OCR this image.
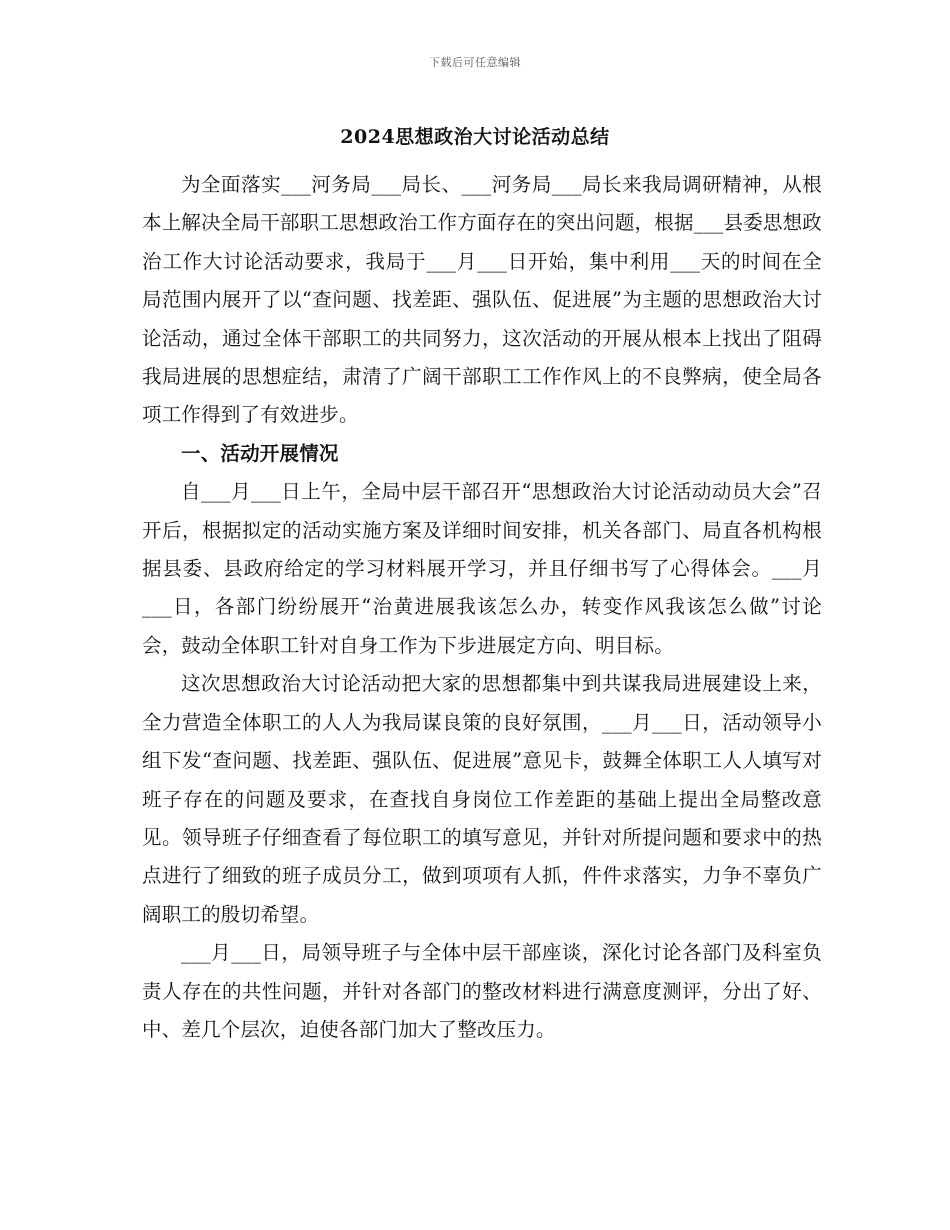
下载后可任意编辑
2024思想政治大讨论活动总结

为全面落实___河务局___局长、___河务局___局长来我局调研精神，从根本上解决全局干部职工思想政治工作方面存在的突出问题，根据___县委思想政治工作大讨论活动要求，我局于___月___日开始，集中利用___天的时间在全局范围内展开了以“查问题、找差距、强队伍、促进展”为主题的思想政治大讨论活动，通过全体干部职工的共同努力，这次活动的开展从根本上找出了阻碍我局进展的思想症结，肃清了广阔干部职工工作作风上的不良弊病，使全局各项工作得到了有效进步。

一、活动开展情况

自___月___日上午，全局中层干部召开“思想政治大讨论活动动员大会”召开后，根据拟定的活动实施方案及详细时间安排，机关各部门、局直各机构根据县委、县政府给定的学习材料展开学习，并且仔细书写了心得体会。___月___日，各部门纷纷展开“治黄进展我该怎么办，转变作风我该怎么做”讨论会，鼓动全体职工针对自身工作为下步进展定方向、明目标。

这次思想政治大讨论活动把大家的思想都集中到共谋我局进展建设上来，全力营造全体职工的人人为我局谋良策的良好氛围，___月___日，活动领导小组下发“查问题、找差距、强队伍、促进展”意见卡，鼓舞全体职工人人填写对班子存在的问题及要求，在查找自身岗位工作差距的基础上提出全局整改意见。领导班子仔细查看了每位职工的填写意见，并针对所提问题和要求中的热点进行了细致的班子成员分工，做到项项有人抓，件件求落实，力争不辜负广阔职工的殷切希望。

___月___日，局领导班子与全体中层干部座谈，深化讨论各部门及科室负责人存在的共性问题，并针对各部门的整改材料进行满意度测评，分出了好、中、差几个层次，迫使各部门加大了整改压力。
